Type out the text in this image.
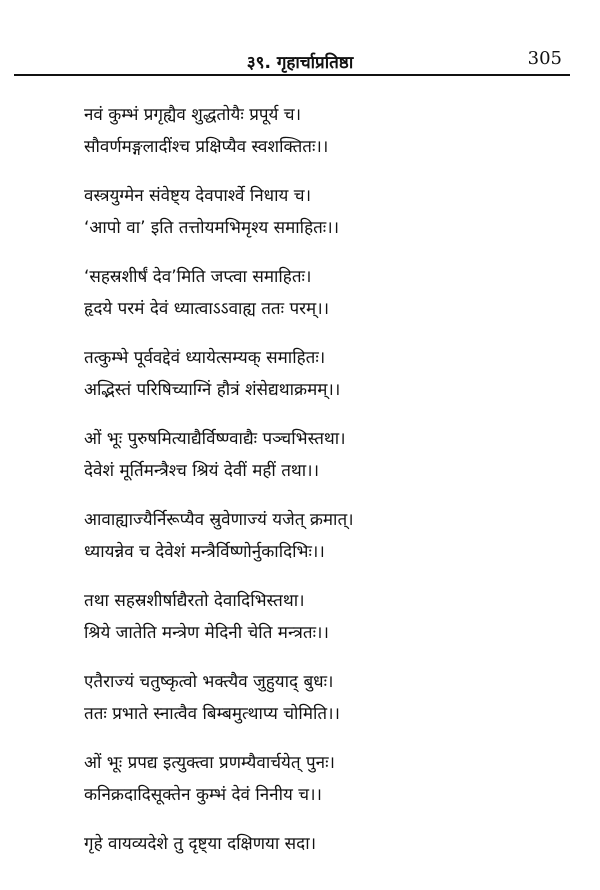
३९. गृहार्चाप्रतिष्ठा	305
नवं कुम्भं प्रगृह्यैव शुद्धतोयैः प्रपूर्य च।
सौवर्णमङ्गलादींश्च प्रक्षिप्यैव स्वशक्तितः।।
वस्त्रयुग्मेन संवेष्ट्य देवपार्श्वे निधाय च।
‘आपो वा’ इति तत्तोयमभिमृश्य समाहितः।।
‘सहस्रशीर्षं देव’मिति जप्त्वा समाहितः।
हृदये परमं देवं ध्यात्वाऽऽवाह्य ततः परम्।।
तत्कुम्भे पूर्ववद्देवं ध्यायेत्सम्यक् समाहितः।
अद्भिस्तं परिषिच्याग्निं हौत्रं शंसेद्यथाक्रमम्।।
ओं भूः पुरुषमित्याद्यैर्विष्ण्वाद्यैः पञ्चभिस्तथा।
देवेशं मूर्तिमन्त्रैश्च श्रियं देवीं महीं तथा।।
आवाह्याज्यैर्निरूप्यैव स्रुवेणाज्यं यजेत् क्रमात्।
ध्यायन्नेव च देवेशं मन्त्रैर्विष्णोर्नुकादिभिः।।
तथा सहस्रशीर्षाद्यैरतो देवादिभिस्तथा।
श्रिये जातेति मन्त्रेण मेदिनी चेति मन्त्रतः।।
एतैराज्यं चतुष्कृत्वो भक्त्यैव जुहुयाद् बुधः।
ततः प्रभाते स्नात्वैव बिम्बमुत्थाप्य चोमिति।।
ओं भूः प्रपद्य इत्युक्त्वा प्रणम्यैवार्चयेत् पुनः।
कनिक्रदादिसूक्तेन कुम्भं देवं निनीय च।।
गृहे वायव्यदेशे तु दृष्ट्या दक्षिणया सदा।
